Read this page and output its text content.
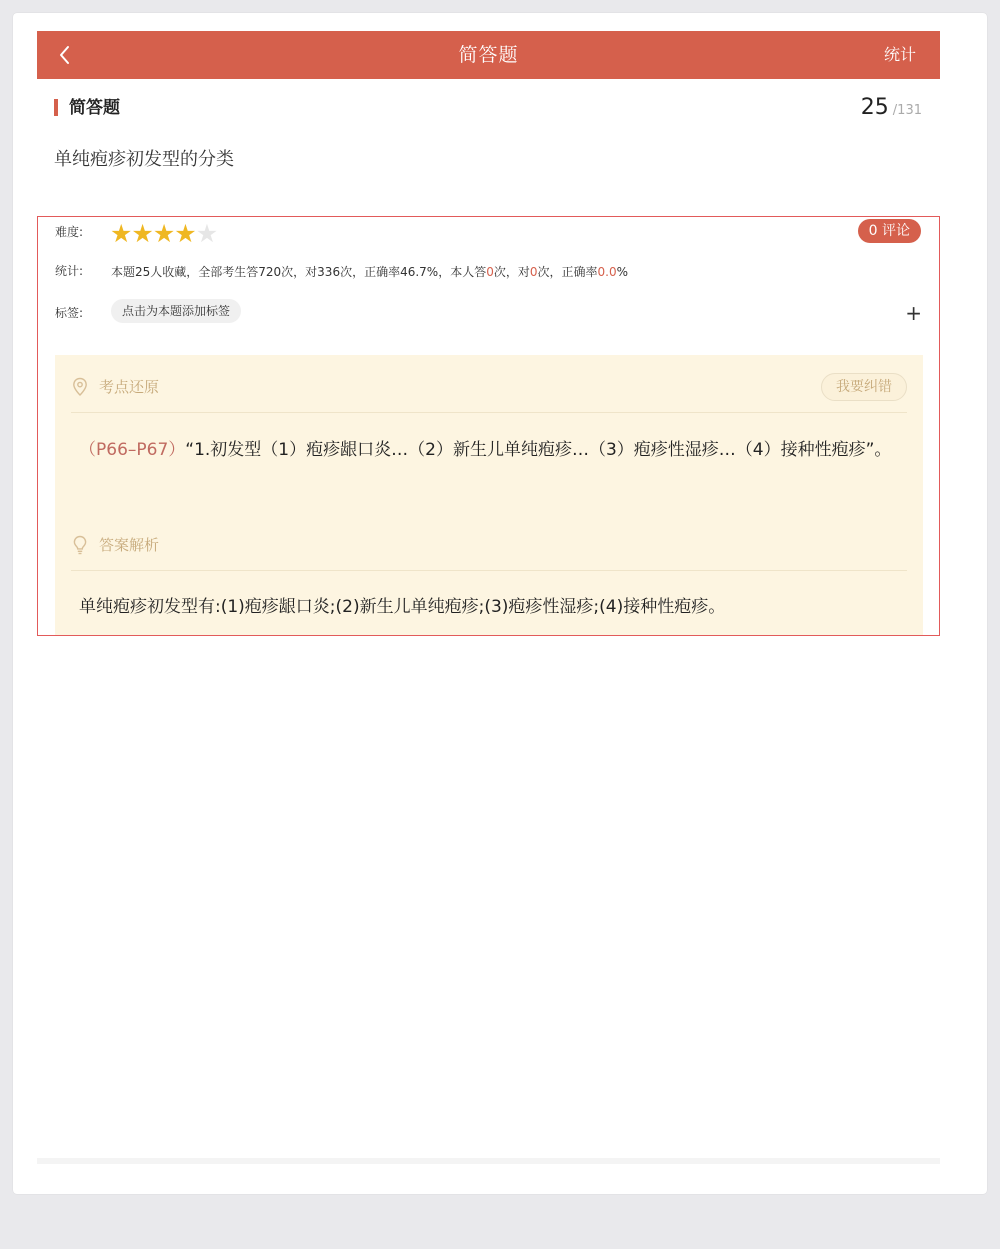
简答题	统计
简答题	25 /131
单纯疱疹初发型的分类
难度: ★★★★★	0 评论
统计: 本题25人收藏，全部考生答720次，对336次，正确率46.7%，本人答0次，对0次，正确率0.0%
标签:	点击为本题添加标签	+
考点还原	我要纠错
（P66–P67）“1.初发型（1）疱疹龈口炎…（2）新生儿单纯疱疹…（3）疱疹性湿疹…（4）接种性疱疹”。
答案解析
单纯疱疹初发型有:(1)疱疹龈口炎;(2)新生儿单纯疱疹;(3)疱疹性湿疹;(4)接种性疱疹。
